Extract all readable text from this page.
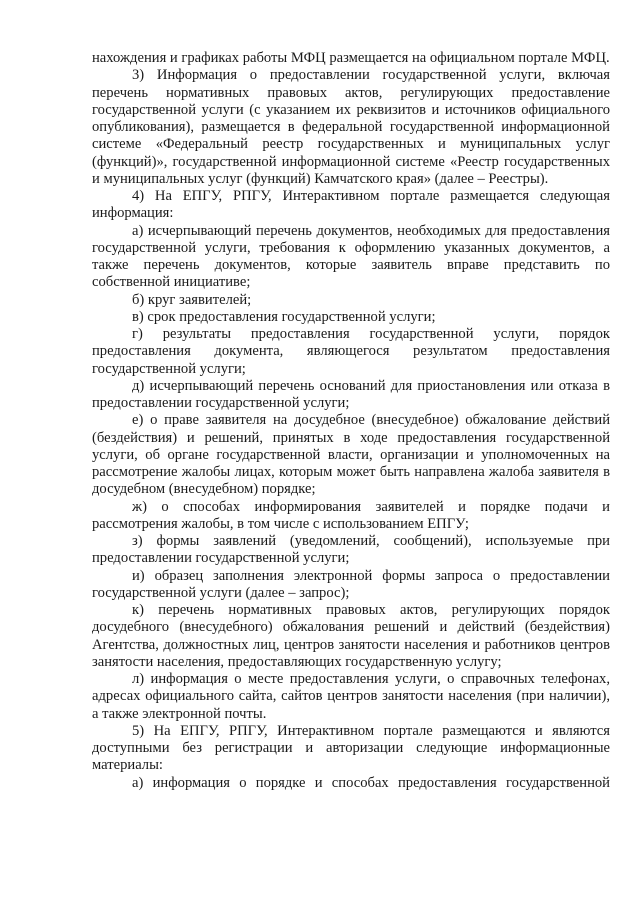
нахождения и графиках работы МФЦ размещается на официальном портале МФЦ.

3) Информация о предоставлении государственной услуги, включая перечень нормативных правовых актов, регулирующих предоставление государственной услуги (с указанием их реквизитов и источников официального опубликования), размещается в федеральной государственной информационной системе «Федеральный реестр государственных и муниципальных услуг (функций)», государственной информационной системе «Реестр государственных и муниципальных услуг (функций) Камчатского края» (далее – Реестры).

4) На ЕПГУ, РПГУ, Интерактивном портале размещается следующая информация:

а) исчерпывающий перечень документов, необходимых для предоставления государственной услуги, требования к оформлению указанных документов, а также перечень документов, которые заявитель вправе представить по собственной инициативе;

б) круг заявителей;

в) срок предоставления государственной услуги;

г) результаты предоставления государственной услуги, порядок предоставления документа, являющегося результатом предоставления государственной услуги;

д) исчерпывающий перечень оснований для приостановления или отказа в предоставлении государственной услуги;

е) о праве заявителя на досудебное (внесудебное) обжалование действий (бездействия) и решений, принятых в ходе предоставления государственной услуги, об органе государственной власти, организации и уполномоченных на рассмотрение жалобы лицах, которым может быть направлена жалоба заявителя в досудебном (внесудебном) порядке;

ж) о способах информирования заявителей и порядке подачи и рассмотрения жалобы, в том числе с использованием ЕПГУ;

з) формы заявлений (уведомлений, сообщений), используемые при предоставлении государственной услуги;

и) образец заполнения электронной формы запроса о предоставлении государственной услуги (далее – запрос);

к) перечень нормативных правовых актов, регулирующих порядок досудебного (внесудебного) обжалования решений и действий (бездействия) Агентства, должностных лиц, центров занятости населения и работников центров занятости населения, предоставляющих государственную услугу;

л) информация о месте предоставления услуги, о справочных телефонах, адресах официального сайта, сайтов центров занятости населения (при наличии), а также электронной почты.

5) На ЕПГУ, РПГУ, Интерактивном портале размещаются и являются доступными без регистрации и авторизации следующие информационные материалы:

а) информация о порядке и способах предоставления государственной
